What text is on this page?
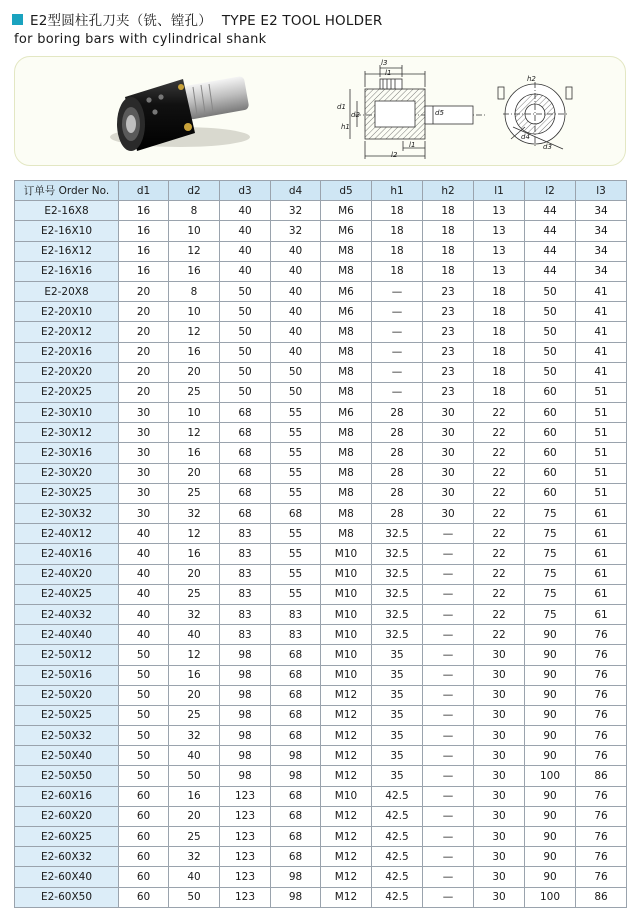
E2型圆柱孔刀夹（铣、镗孔） TYPE E2 TOOL HOLDER
for boring bars with cylindrical shank
l3
l1
d1
d2
h1
d5
l1
l2
h2
d4
d3
订单号 Order No.	d1	d2	d3	d4	d5	h1	h2	l1	l2	l3
E2-16X8	16	8	40	32	M6	18	18	13	44	34
E2-16X10	16	10	40	32	M6	18	18	13	44	34
E2-16X12	16	12	40	40	M8	18	18	13	44	34
E2-16X16	16	16	40	40	M8	18	18	13	44	34
E2-20X8	20	8	50	40	M6	—	23	18	50	41
E2-20X10	20	10	50	40	M6	—	23	18	50	41
E2-20X12	20	12	50	40	M8	—	23	18	50	41
E2-20X16	20	16	50	40	M8	—	23	18	50	41
E2-20X20	20	20	50	50	M8	—	23	18	50	41
E2-20X25	20	25	50	50	M8	—	23	18	60	51
E2-30X10	30	10	68	55	M6	28	30	22	60	51
E2-30X12	30	12	68	55	M8	28	30	22	60	51
E2-30X16	30	16	68	55	M8	28	30	22	60	51
E2-30X20	30	20	68	55	M8	28	30	22	60	51
E2-30X25	30	25	68	55	M8	28	30	22	60	51
E2-30X32	30	32	68	68	M8	28	30	22	75	61
E2-40X12	40	12	83	55	M8	32.5	—	22	75	61
E2-40X16	40	16	83	55	M10	32.5	—	22	75	61
E2-40X20	40	20	83	55	M10	32.5	—	22	75	61
E2-40X25	40	25	83	55	M10	32.5	—	22	75	61
E2-40X32	40	32	83	83	M10	32.5	—	22	75	61
E2-40X40	40	40	83	83	M10	32.5	—	22	90	76
E2-50X12	50	12	98	68	M10	35	—	30	90	76
E2-50X16	50	16	98	68	M10	35	—	30	90	76
E2-50X20	50	20	98	68	M12	35	—	30	90	76
E2-50X25	50	25	98	68	M12	35	—	30	90	76
E2-50X32	50	32	98	68	M12	35	—	30	90	76
E2-50X40	50	40	98	98	M12	35	—	30	90	76
E2-50X50	50	50	98	98	M12	35	—	30	100	86
E2-60X16	60	16	123	68	M10	42.5	—	30	90	76
E2-60X20	60	20	123	68	M12	42.5	—	30	90	76
E2-60X25	60	25	123	68	M12	42.5	—	30	90	76
E2-60X32	60	32	123	68	M12	42.5	—	30	90	76
E2-60X40	60	40	123	98	M12	42.5	—	30	90	76
E2-60X50	60	50	123	98	M12	42.5	—	30	100	86
